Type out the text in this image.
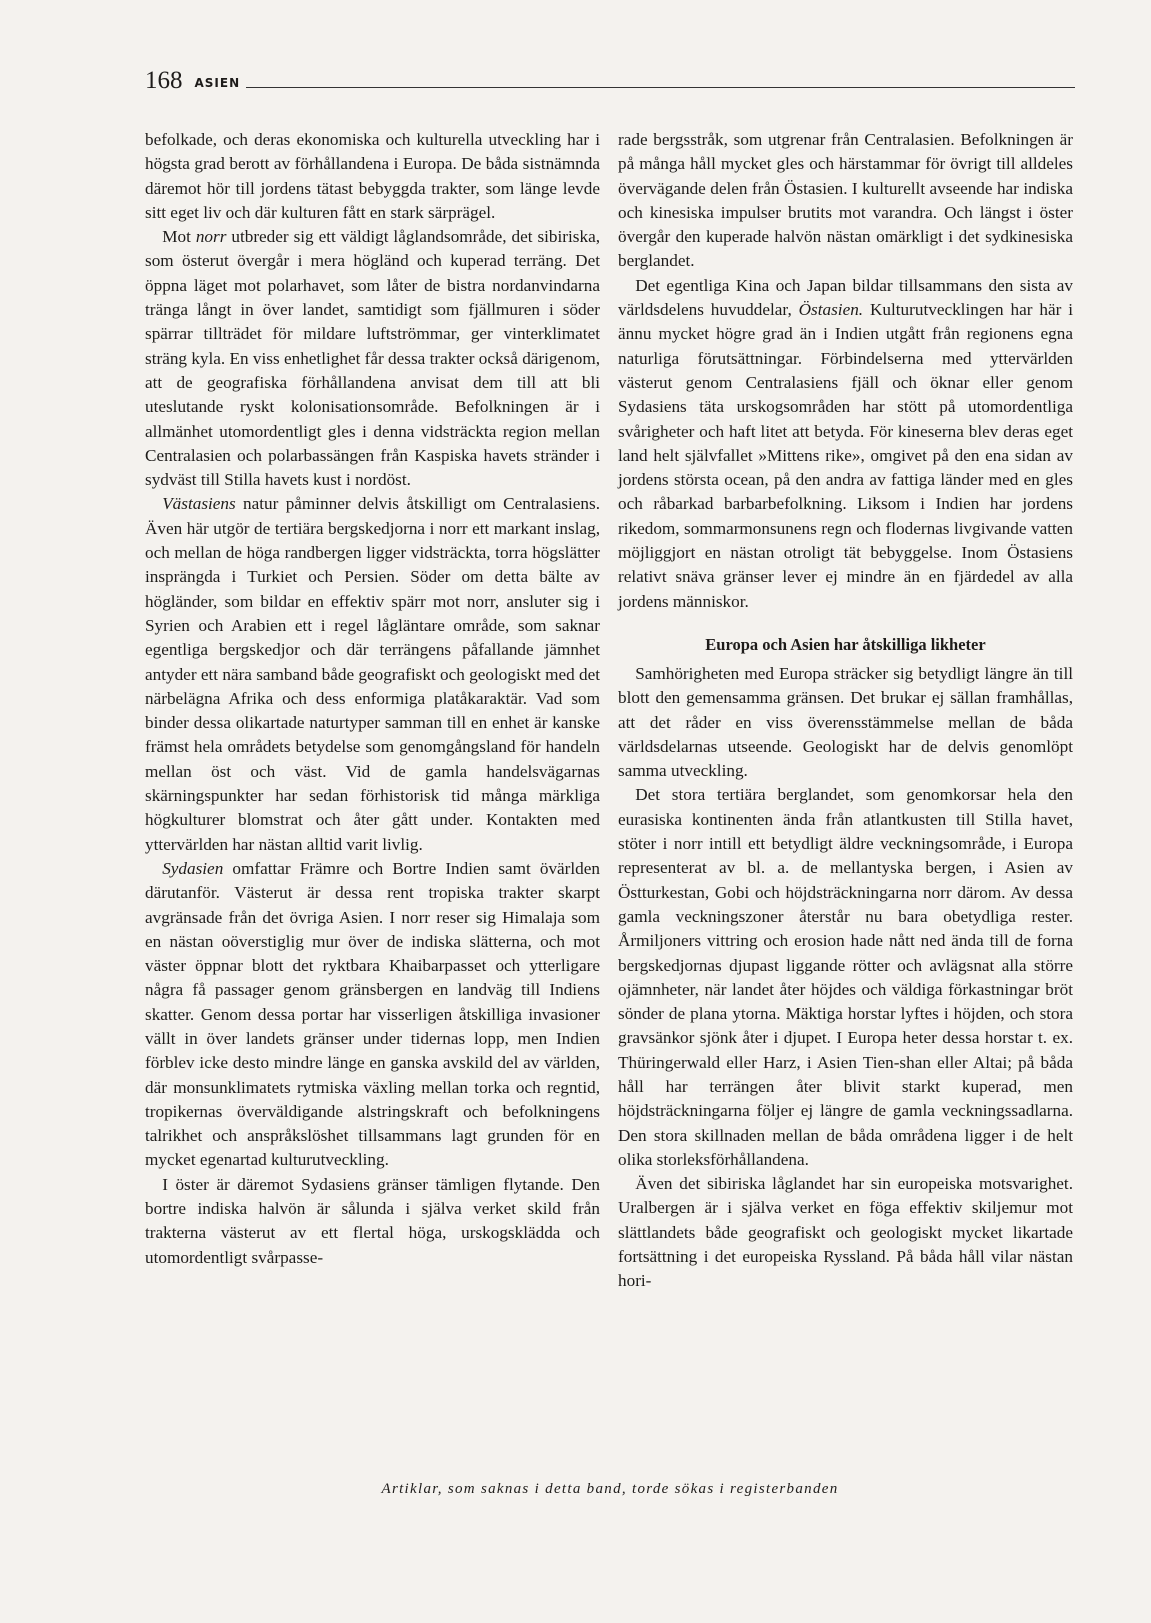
168 ASIEN

befolkade, och deras ekonomiska och kulturella utveckling har i högsta grad berott av förhållandena i Europa. De båda sistnämnda däremot hör till jordens tätast bebyggda trakter, som länge levde sitt eget liv och där kulturen fått en stark särprägel.

Mot norr utbreder sig ett väldigt låglandsområde, det sibiriska, som österut övergår i mera högländ och kuperad terräng. Det öppna läget mot polarhavet, som låter de bistra nordanvindarna tränga långt in över landet, samtidigt som fjällmuren i söder spärrar tillträdet för mildare luftströmmar, ger vinterklimatet sträng kyla. En viss enhetlighet får dessa trakter också därigenom, att de geografiska förhållandena anvisat dem till att bli uteslutande ryskt kolonisationsområde. Befolkningen är i allmänhet utomordentligt gles i denna vidsträckta region mellan Centralasien och polarbassängen från Kaspiska havets stränder i sydväst till Stilla havets kust i nordöst.

Västasiens natur påminner delvis åtskilligt om Centralasiens. Även här utgör de tertiära bergskedjorna i norr ett markant inslag, och mellan de höga randbergen ligger vidsträckta, torra högslätter insprängda i Turkiet och Persien. Söder om detta bälte av högländer, som bildar en effektiv spärr mot norr, ansluter sig i Syrien och Arabien ett i regel lågläntare område, som saknar egentliga bergskedjor och där terrängens påfallande jämnhet antyder ett nära samband både geografiskt och geologiskt med det närbelägna Afrika och dess enformiga platåkaraktär. Vad som binder dessa olikartade naturtyper samman till en enhet är kanske främst hela områdets betydelse som genomgångsland för handeln mellan öst och väst. Vid de gamla handelsvägarnas skärningspunkter har sedan förhistorisk tid många märkliga högkulturer blomstrat och åter gått under. Kontakten med yttervärlden har nästan alltid varit livlig.

Sydasien omfattar Främre och Bortre Indien samt övärlden därutanför. Västerut är dessa rent tropiska trakter skarpt avgränsade från det övriga Asien. I norr reser sig Himalaja som en nästan oöverstiglig mur över de indiska slätterna, och mot väster öppnar blott det ryktbara Khaibarpasset och ytterligare några få passager genom gränsbergen en landväg till Indiens skatter. Genom dessa portar har visserligen åtskilliga invasioner vällt in över landets gränser under tidernas lopp, men Indien förblev icke desto mindre länge en ganska avskild del av världen, där monsunklimatets rytmiska växling mellan torka och regntid, tropikernas överväldigande alstringskraft och befolkningens talrikhet och anspråkslöshet tillsammans lagt grunden för en mycket egenartad kulturutveckling.

I öster är däremot Sydasiens gränser tämligen flytande. Den bortre indiska halvön är sålunda i själva verket skild från trakterna västerut av ett flertal höga, urskogsklädda och utomordentligt svårpasse-

rade bergsstråk, som utgrenar från Centralasien. Befolkningen är på många håll mycket gles och härstammar för övrigt till alldeles övervägande delen från Östasien. I kulturellt avseende har indiska och kinesiska impulser brutits mot varandra. Och längst i öster övergår den kuperade halvön nästan omärkligt i det sydkinesiska berglandet.

Det egentliga Kina och Japan bildar tillsammans den sista av världsdelens huvuddelar, Östasien. Kulturutvecklingen har här i ännu mycket högre grad än i Indien utgått från regionens egna naturliga förutsättningar. Förbindelserna med yttervärlden västerut genom Centralasiens fjäll och öknar eller genom Sydasiens täta urskogsområden har stött på utomordentliga svårigheter och haft litet att betyda. För kineserna blev deras eget land helt självfallet »Mittens rike», omgivet på den ena sidan av jordens största ocean, på den andra av fattiga länder med en gles och råbarkad barbarbefolkning. Liksom i Indien har jordens rikedom, sommarmonsunens regn och flodernas livgivande vatten möjliggjort en nästan otroligt tät bebyggelse. Inom Östasiens relativt snäva gränser lever ej mindre än en fjärdedel av alla jordens människor.

Europa och Asien har åtskilliga likheter

Samhörigheten med Europa sträcker sig betydligt längre än till blott den gemensamma gränsen. Det brukar ej sällan framhållas, att det råder en viss överensstämmelse mellan de båda världsdelarnas utseende. Geologiskt har de delvis genomlöpt samma utveckling.

Det stora tertiära berglandet, som genomkorsar hela den eurasiska kontinenten ända från atlantkusten till Stilla havet, stöter i norr intill ett betydligt äldre veckningsområde, i Europa representerat av bl. a. de mellantyska bergen, i Asien av Östturkestan, Gobi och höjdsträckningarna norr därom. Av dessa gamla veckningszoner återstår nu bara obetydliga rester. Årmiljoners vittring och erosion hade nått ned ända till de forna bergskedjornas djupast liggande rötter och avlägsnat alla större ojämnheter, när landet åter höjdes och väldiga förkastningar bröt sönder de plana ytorna. Mäktiga horstar lyftes i höjden, och stora gravsänkor sjönk åter i djupet. I Europa heter dessa horstar t. ex. Thüringerwald eller Harz, i Asien Tien-shan eller Altai; på båda håll har terrängen åter blivit starkt kuperad, men höjdsträckningarna följer ej längre de gamla veckningssadlarna. Den stora skillnaden mellan de båda områdena ligger i de helt olika storleksförhållandena.

Även det sibiriska låglandet har sin europeiska motsvarighet. Uralbergen är i själva verket en föga effektiv skiljemur mot slättlandets både geografiskt och geologiskt mycket likartade fortsättning i det europeiska Ryssland. På båda håll vilar nästan hori-

Artiklar, som saknas i detta band, torde sökas i registerbanden
